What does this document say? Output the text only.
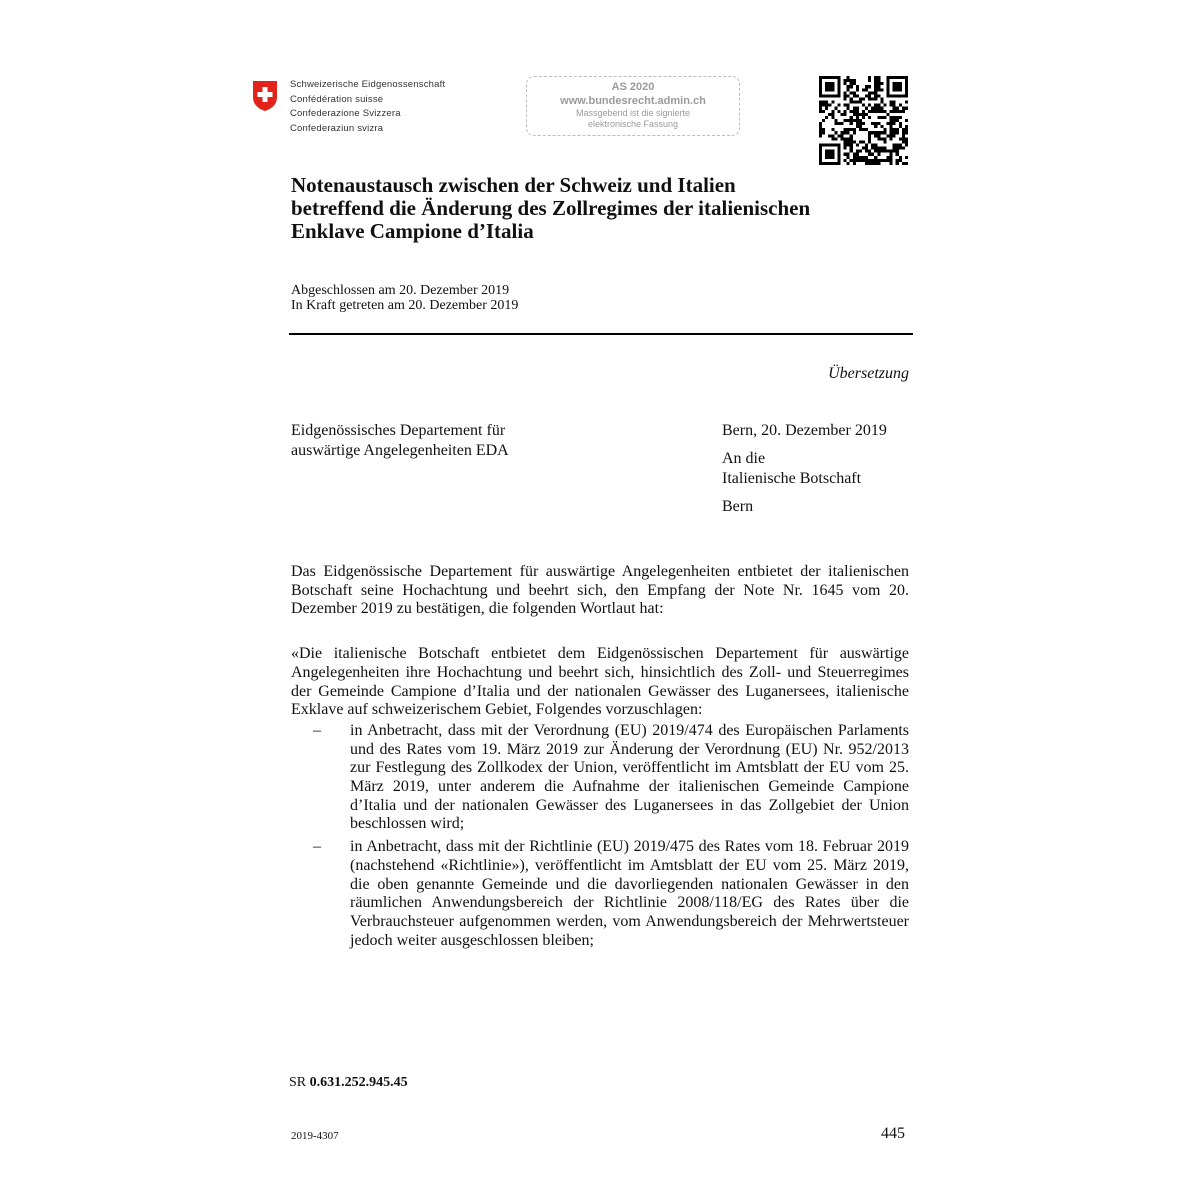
Schweizerische Eidgenossenschaft
Confédération suisse
Confederazione Svizzera
Confederaziun svizra
AS 2020
www.bundesrecht.admin.ch
Massgebend ist die signierte
elektronische Fassung
Notenaustausch zwischen der Schweiz und Italien
betreffend die Änderung des Zollregimes der italienischen
Enklave Campione d’Italia
Abgeschlossen am 20. Dezember 2019
In Kraft getreten am 20. Dezember 2019
Übersetzung
Eidgenössisches Departement für
auswärtige Angelegenheiten EDA
Bern, 20. Dezember 2019
An die
Italienische Botschaft
Bern

Das Eidgenössische Departement für auswärtige Angelegenheiten entbietet der italienischen Botschaft seine Hochachtung und beehrt sich, den Empfang der Note Nr. 1645 vom 20. Dezember 2019 zu bestätigen, die folgenden Wortlaut hat:

«Die italienische Botschaft entbietet dem Eidgenössischen Departement für auswärtige Angelegenheiten ihre Hochachtung und beehrt sich, hinsichtlich des Zoll- und Steuerregimes der Gemeinde Campione d’Italia und der nationalen Gewässer des Luganersees, italienische Exklave auf schweizerischem Gebiet, Folgendes vorzuschlagen:

– in Anbetracht, dass mit der Verordnung (EU) 2019/474 des Europäischen Parlaments und des Rates vom 19. März 2019 zur Änderung der Verordnung (EU) Nr. 952/2013 zur Festlegung des Zollkodex der Union, veröffentlicht im Amtsblatt der EU vom 25. März 2019, unter anderem die Aufnahme der italienischen Gemeinde Campione d’Italia und der nationalen Gewässer des Luganersees in das Zollgebiet der Union beschlossen wird;
– in Anbetracht, dass mit der Richtlinie (EU) 2019/475 des Rates vom 18. Februar 2019 (nachstehend «Richtlinie»), veröffentlicht im Amtsblatt der EU vom 25. März 2019, die oben genannte Gemeinde und die davorliegenden nationalen Gewässer in den räumlichen Anwendungsbereich der Richtlinie 2008/118/EG des Rates über die Verbrauchsteuer aufgenommen werden, vom Anwendungsbereich der Mehrwertsteuer jedoch weiter ausgeschlossen bleiben;
SR 0.631.252.945.45
2019-4307	445
